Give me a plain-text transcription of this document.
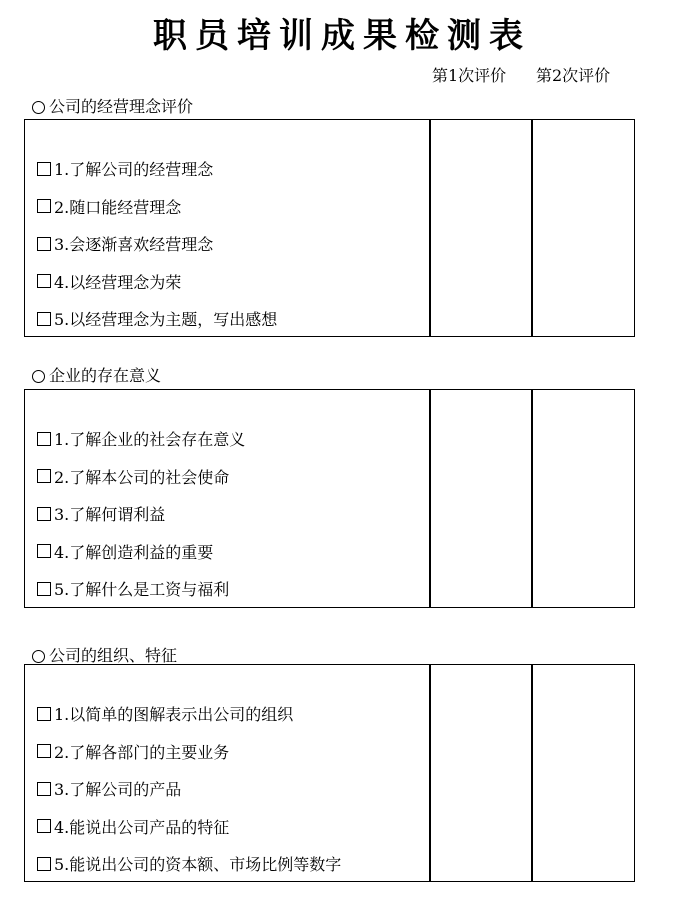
职员培训成果检测表
第1次评价 第2次评价
公司的经营理念评价
1.了解公司的经营理念
2.随口能经营理念
3.会逐渐喜欢经营理念
4.以经营理念为荣
5.以经营理念为主题，写出感想
企业的存在意义
1.了解企业的社会存在意义
2.了解本公司的社会使命
3.了解何谓利益
4.了解创造利益的重要
5.了解什么是工资与福利
公司的组织、特征
1.以简单的图解表示出公司的组织
2.了解各部门的主要业务
3.了解公司的产品
4.能说出公司产品的特征
5.能说出公司的资本额、市场比例等数字
